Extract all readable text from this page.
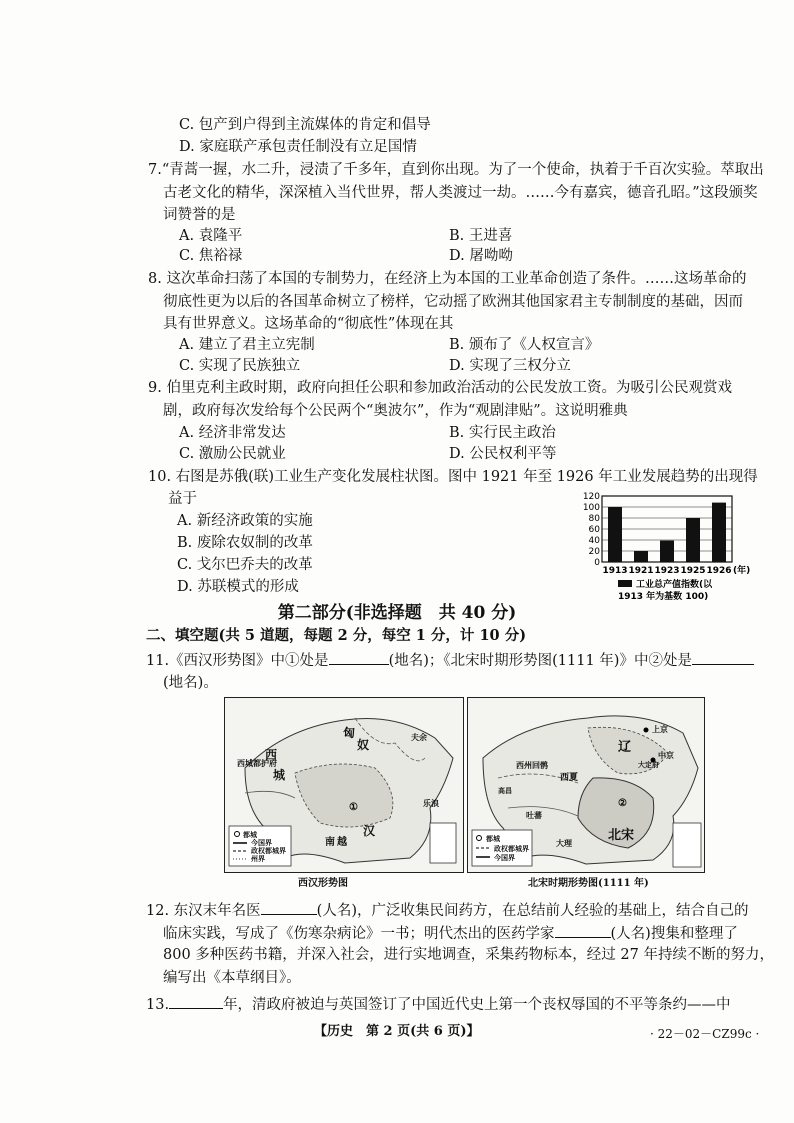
C. 包产到户得到主流媒体的肯定和倡导
D. 家庭联产承包责任制没有立足国情
7.“青蒿一握，水二升，浸渍了千多年，直到你出现。为了一个使命，执着于千百次实验。萃取出
古老文化的精华，深深植入当代世界，帮人类渡过一劫。……今有嘉宾，德音孔昭。”这段颁奖
词赞誉的是
A. 袁隆平	B. 王进喜
C. 焦裕禄	D. 屠呦呦
8. 这次革命扫荡了本国的专制势力，在经济上为本国的工业革命创造了条件。……这场革命的
彻底性更为以后的各国革命树立了榜样，它动摇了欧洲其他国家君主专制制度的基础，因而
具有世界意义。这场革命的“彻底性”体现在其
A. 建立了君主立宪制	B. 颁布了《人权宣言》
C. 实现了民族独立	D. 实现了三权分立
9. 伯里克利主政时期，政府向担任公职和参加政治活动的公民发放工资。为吸引公民观赏戏
剧，政府每次发给每个公民两个“奥波尔”，作为“观剧津贴”。这说明雅典
A. 经济非常发达	B. 实行民主政治
C. 激励公民就业	D. 公民权利平等
10. 右图是苏俄(联)工业生产变化发展柱状图。图中 1921 年至 1926 年工业发展趋势的出现得
益于
A. 新经济政策的实施
B. 废除农奴制的改革
C. 戈尔巴乔夫的改革
D. 苏联模式的形成
120
100
80
60
40
20
0
1913 1921 1923 1925 1926 (年)
工业总产值指数(以
1913 年为基数 100)
第二部分(非选择题　共 40 分)
二、填空题(共 5 道题，每题 2 分，每空 1 分，计 10 分)
11.《西汉形势图》中①处是	(地名)；《北宋时期形势图(1111 年)》中②处是
(地名)。
匈
奴
西
城
西城都护府
汉
①
南 越
乐浪
夫余
都城
今国界
政权都城界
州界
西汉形势图
辽
上京
中京
大定府
西夏
北宋
②
吐蕃
大理
西州回鹘
高昌
都城
政权都城界
今国界
北宋时期形势图(1111 年)
12. 东汉末年名医	(人名)，广泛收集民间药方，在总结前人经验的基础上，结合自己的
临床实践，写成了《伤寒杂病论》一书；明代杰出的医药学家	(人名)搜集和整理了
800 多种医药书籍，并深入社会，进行实地调查，采集药物标本，经过 27 年持续不断的努力，
编写出《本草纲目》。
13.	年，清政府被迫与英国签订了中国近代史上第一个丧权辱国的不平等条约——中
【历史　第 2 页(共 6 页)】	· 22－02－CZ99c ·
